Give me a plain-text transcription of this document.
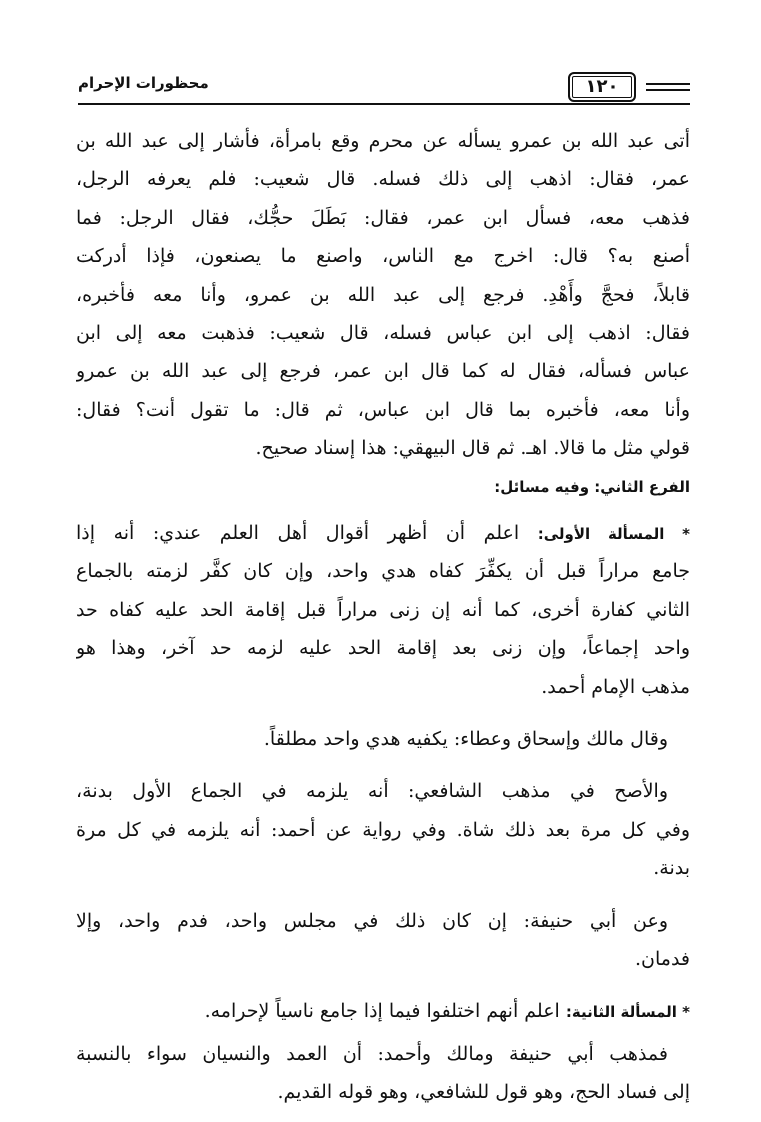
١٢٠
محظورات الإحرام
أتى عبد الله بن عمرو يسأله عن محرم وقع بامرأة، فأشار إلى عبد الله بن
عمر، فقال: اذهب إلى ذلك فسله. قال شعيب: فلم يعرفه الرجل،
فذهب معه، فسأل ابن عمر، فقال: بَطَلَ حجُّك، فقال الرجل: فما
أصنع به؟ قال: اخرج مع الناس، واصنع ما يصنعون، فإذا أدركت
قابلاً، فحجَّ وأَهْدِ. فرجع إلى عبد الله بن عمرو، وأنا معه فأخبره،
فقال: اذهب إلى ابن عباس فسله، قال شعيب: فذهبت معه إلى ابن
عباس فسأله، فقال له كما قال ابن عمر، فرجع إلى عبد الله بن عمرو
وأنا معه، فأخبره بما قال ابن عباس، ثم قال: ما تقول أنت؟ فقال:
قولي مثل ما قالا. اهـ. ثم قال البيهقي: هذا إسناد صحيح.
الفرع الثاني: وفيه مسائل:
* المسألة الأولى: اعلم أن أظهر أقوال أهل العلم عندي: أنه إذا
جامع مراراً قبل أن يكفِّرَ كفاه هدي واحد، وإن كان كفَّر لزمته بالجماع
الثاني كفارة أخرى، كما أنه إن زنى مراراً قبل إقامة الحد عليه كفاه حد
واحد إجماعاً، وإن زنى بعد إقامة الحد عليه لزمه حد آخر، وهذا هو
مذهب الإمام أحمد.
وقال مالك وإسحاق وعطاء: يكفيه هدي واحد مطلقاً.
والأصح في مذهب الشافعي: أنه يلزمه في الجماع الأول بدنة،
وفي كل مرة بعد ذلك شاة. وفي رواية عن أحمد: أنه يلزمه في كل مرة
بدنة.
وعن أبي حنيفة: إن كان ذلك في مجلس واحد، فدم واحد، وإلا
فدمان.
* المسألة الثانية: اعلم أنهم اختلفوا فيما إذا جامع ناسياً لإحرامه.
فمذهب أبي حنيفة ومالك وأحمد: أن العمد والنسيان سواء بالنسبة
إلى فساد الحج، وهو قول للشافعي، وهو قوله القديم.
